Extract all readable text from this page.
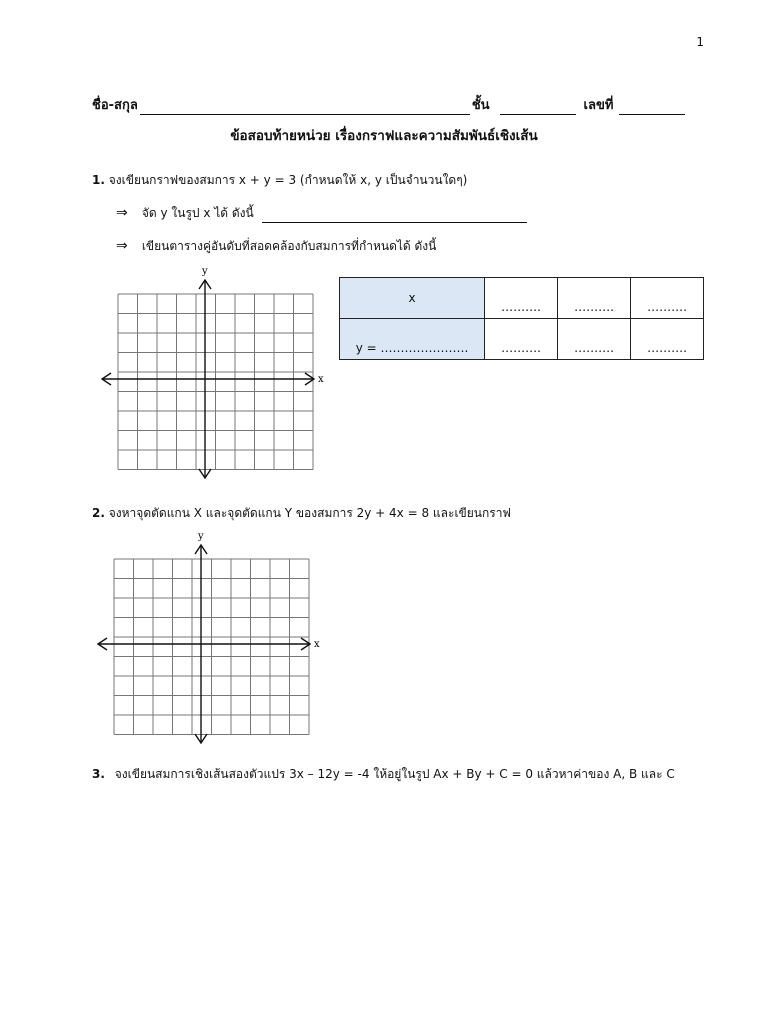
1
ชื่อ-สกุล	ชั้น	เลขที่
ข้อสอบท้ายหน่วย เรื่องกราฟและความสัมพันธ์เชิงเส้น
1. จงเขียนกราฟของสมการ x + y = 3 (กำหนดให้ x, y เป็นจำนวนใดๆ)
⇒ จัด y ในรูป x ได้ ดังนี้
⇒ เขียนตารางคู่อันดับที่สอดคล้องกับสมการที่กำหนดได้ ดังนี้
x
y
x	……….	……….	……….
y = ………………….	……….	……….	……….
2. จงหาจุดตัดแกน X และจุดตัดแกน Y ของสมการ 2y + 4x = 8 และเขียนกราฟ
x
y
3. จงเขียนสมการเชิงเส้นสองตัวแปร 3x – 12y = -4 ให้อยู่ในรูป Ax + By + C = 0 แล้วหาค่าของ A, B และ C
